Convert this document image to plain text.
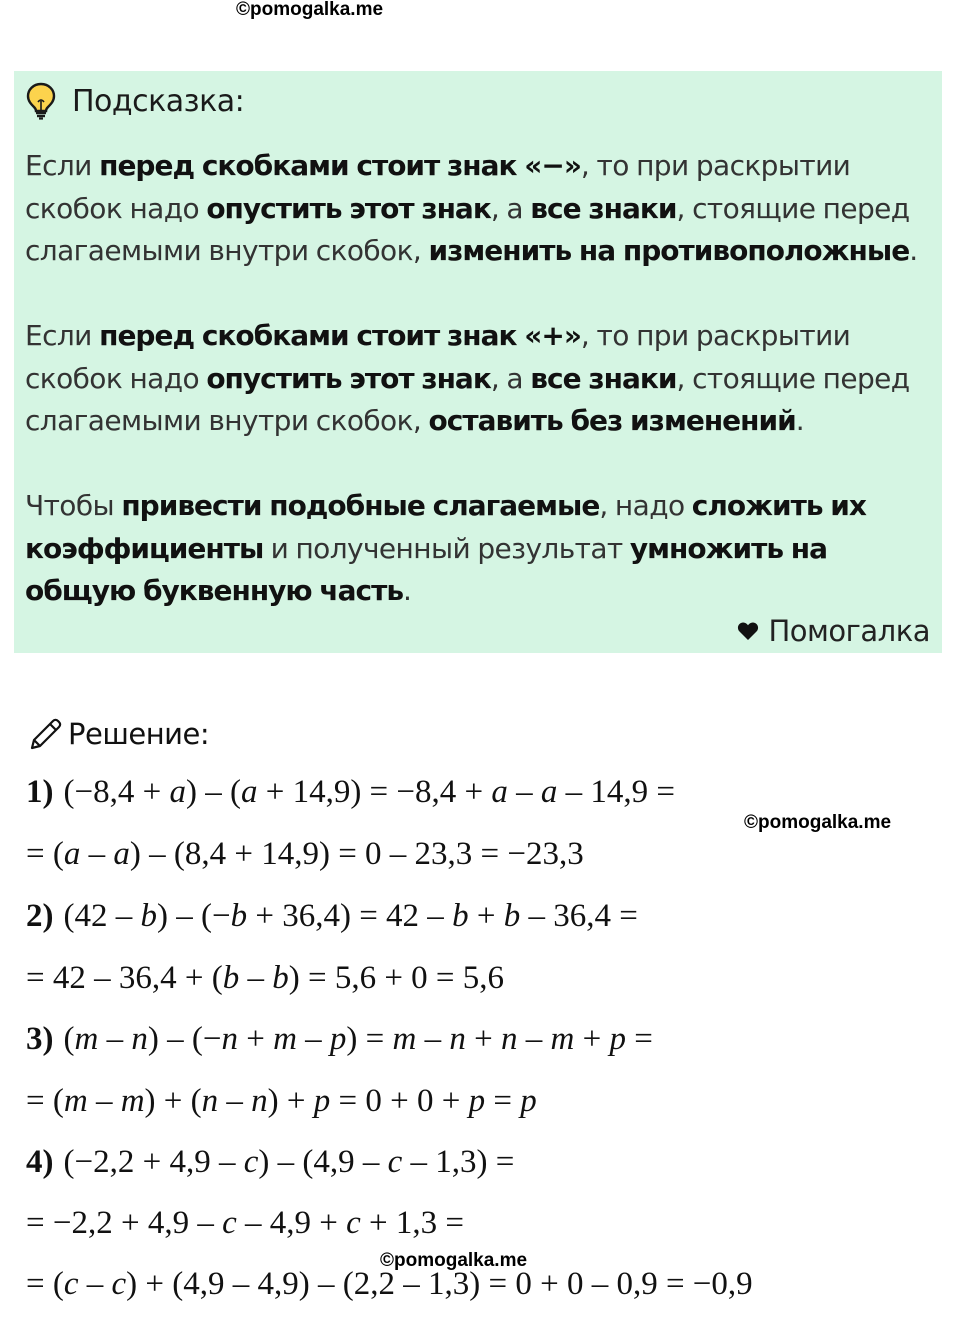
©pomogalka.me
Подсказка:
Если перед скобками стоит знак «−», то при раскрытии скобок надо опустить этот знак, а все знаки, стоящие перед слагаемыми внутри скобок, изменить на противоположные.
Если перед скобками стоит знак «+», то при раскрытии скобок надо опустить этот знак, а все знаки, стоящие перед слагаемыми внутри скобок, оставить без изменений.
Чтобы привести подобные слагаемые, надо сложить их коэффициенты и полученный результат умножить на общую буквенную часть.
Помогалка
Решение:
1) (−8,4 + a) – (a + 14,9) = −8,4 + a – a – 14,9 =
= (a – a) – (8,4 + 14,9) = 0 – 23,3 = −23,3
2) (42 – b) – (−b + 36,4) = 42 – b + b – 36,4 =
= 42 – 36,4 + (b – b) = 5,6 + 0 = 5,6
3) (m – n) – (−n + m – p) = m – n + n – m + p =
= (m – m) + (n – n) + p = 0 + 0 + p = p
4) (−2,2 + 4,9 – c) – (4,9 – c – 1,3) =
= −2,2 + 4,9 – c – 4,9 + c + 1,3 =
= (c – c) + (4,9 – 4,9) – (2,2 – 1,3) = 0 + 0 – 0,9 = −0,9
©pomogalka.me
©pomogalka.me
